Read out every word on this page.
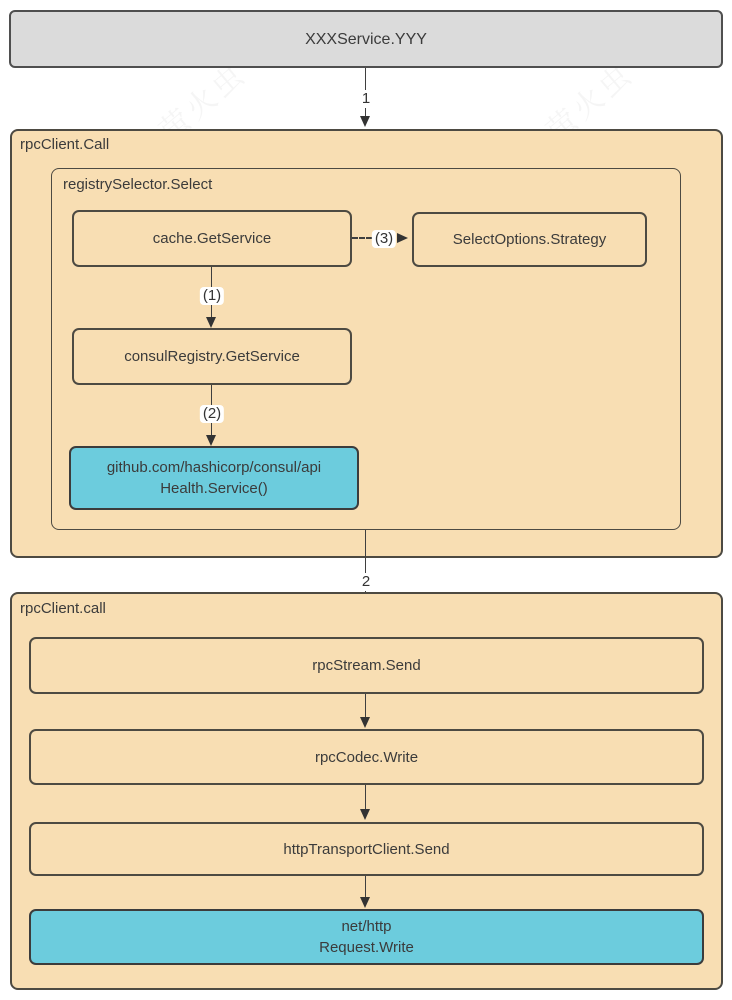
萤火虫	萤火虫
XXXService.YYY
1
rpcClient.Call
registrySelector.Select
cache.GetService	(3)	SelectOptions.Strategy
(1)
consulRegistry.GetService
(2)
github.com/hashicorp/consul/api
Health.Service()
2
rpcClient.call
rpcStream.Send
rpcCodec.Write
httpTransportClient.Send
net/http
Request.Write
